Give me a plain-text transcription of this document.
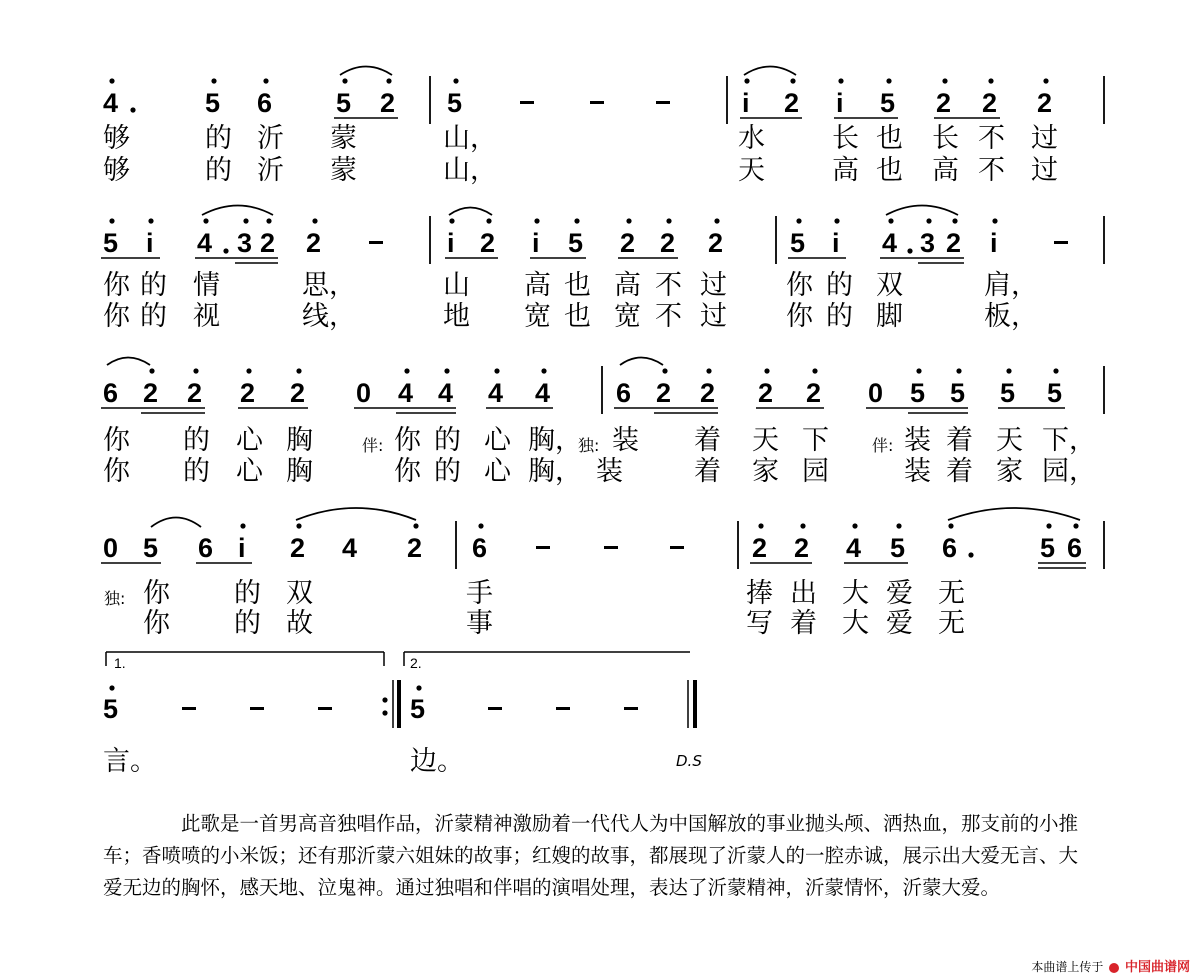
4	5 6 5 2 5	i 2 i 5 2 2 2
5 i 4 3 2 2	i 2 i 5 2 2 2 5 i 4 3 2 i
6 2 2 2 2 0 4 4 4 4 6 2 2 2 2 0 5 5 5 5
0 5 6 i 2 4 2 6	2 2 4 5 6	5 6
5	5
1.	2.
够	的 沂 蒙	山，	水 长 也 长 不 过
够	的 沂 蒙	山，	天 高 也 高 不 过
你 的 情	思，	山 高 也 高 不 过 你 的 双	肩，
你 的 视	线，	地 宽 也 宽 不 过 你 的 脚	板，
你 的 心 胸	伴: 你 的 心 胸，
独: 装 着 天 下	伴: 装 着 天 下，
你 的 心 胸	你 的 心 胸， 装	着 家 园	装 着 家 园，
独: 你 的 双	手	捧 出 大 爱 无
你 的 故	事	写 着 大 爱 无
言。	边。	D.S

此歌是一首男高音独唱作品，沂蒙精神激励着一代代人为中国解放的事业抛头颅、洒热血，那支前的小推车；香喷喷的小米饭；还有那沂蒙六姐妹的故事；红嫂的故事，都展现了沂蒙人的一腔赤诚，展示出大爱无言、大爱无边的胸怀，感天地、泣鬼神。通过独唱和伴唱的演唱处理，表达了沂蒙精神，沂蒙情怀，沂蒙大爱。

本曲谱上传于 中国曲谱网
